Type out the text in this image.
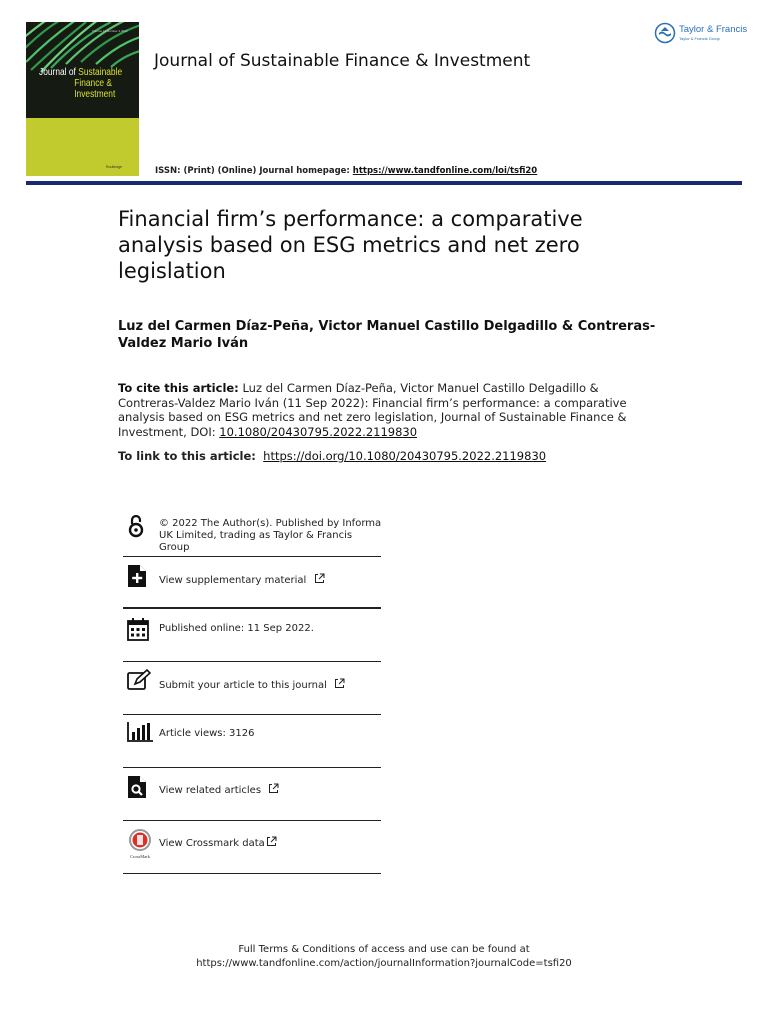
Volume 12 Number 4 2022
Journal of Sustainable
Finance &
Investment
Routledge
Journal of Sustainable Finance & Investment
Taylor & Francis
Taylor & Francis Group
ISSN: (Print) (Online) Journal homepage: https://www.tandfonline.com/loi/tsfi20
Financial firm’s performance: a comparative analysis based on ESG metrics and net zero legislation
Luz del Carmen Díaz-Peña, Victor Manuel Castillo Delgadillo & Contreras-Valdez Mario Iván
To cite this article: Luz del Carmen Díaz-Peña, Victor Manuel Castillo Delgadillo & Contreras-Valdez Mario Iván (11 Sep 2022): Financial firm’s performance: a comparative analysis based on ESG metrics and net zero legislation, Journal of Sustainable Finance & Investment, DOI: 10.1080/20430795.2022.2119830
To link to this article: https://doi.org/10.1080/20430795.2022.2119830
© 2022 The Author(s). Published by Informa UK Limited, trading as Taylor & Francis Group
View supplementary material
Published online: 11 Sep 2022.
Submit your article to this journal
Article views: 3126
View related articles
CrossMark
View Crossmark data
Full Terms & Conditions of access and use can be found at
https://www.tandfonline.com/action/journalInformation?journalCode=tsfi20
